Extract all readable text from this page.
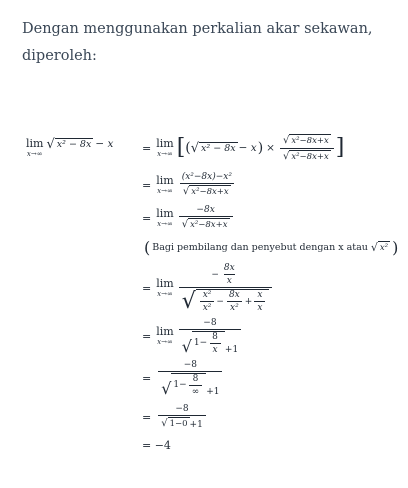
Dengan menggunakan perkalian akar sekawan,
diperoleh:
lim
x→∞
√ x² − 8x − x	= lim
x→∞ [ ( √ x² − 8x − x ) × $\frac{\text{√ x²−8x+x}}{\text{√ x²−8x+x}}$ ]
= lim
$x\to\infty \frac{\text{(x²−8x)−x²}}{\text{√ x²−8x+x}}$
= lim
$x\to\infty \frac{-8x}{\text{√ x²−8x+x}}$
( Bagi pembilang dan penyebut dengan x atau √ x² )
= lim
x→∞
− $\frac{8x}{x}$
√ $\frac{\text{x²}}{\text{x²}} - \frac{8x}{\text{x²}} + \frac{x}{x}$
= lim
$x\to\infty \frac{-8}{√ 1- \frac{8}{x} +1}$
= $\frac{-8}{√ 1- \frac{8}{\infty} +1}$
= $\frac{-8}{√ 1-0 +1}$
= −4
